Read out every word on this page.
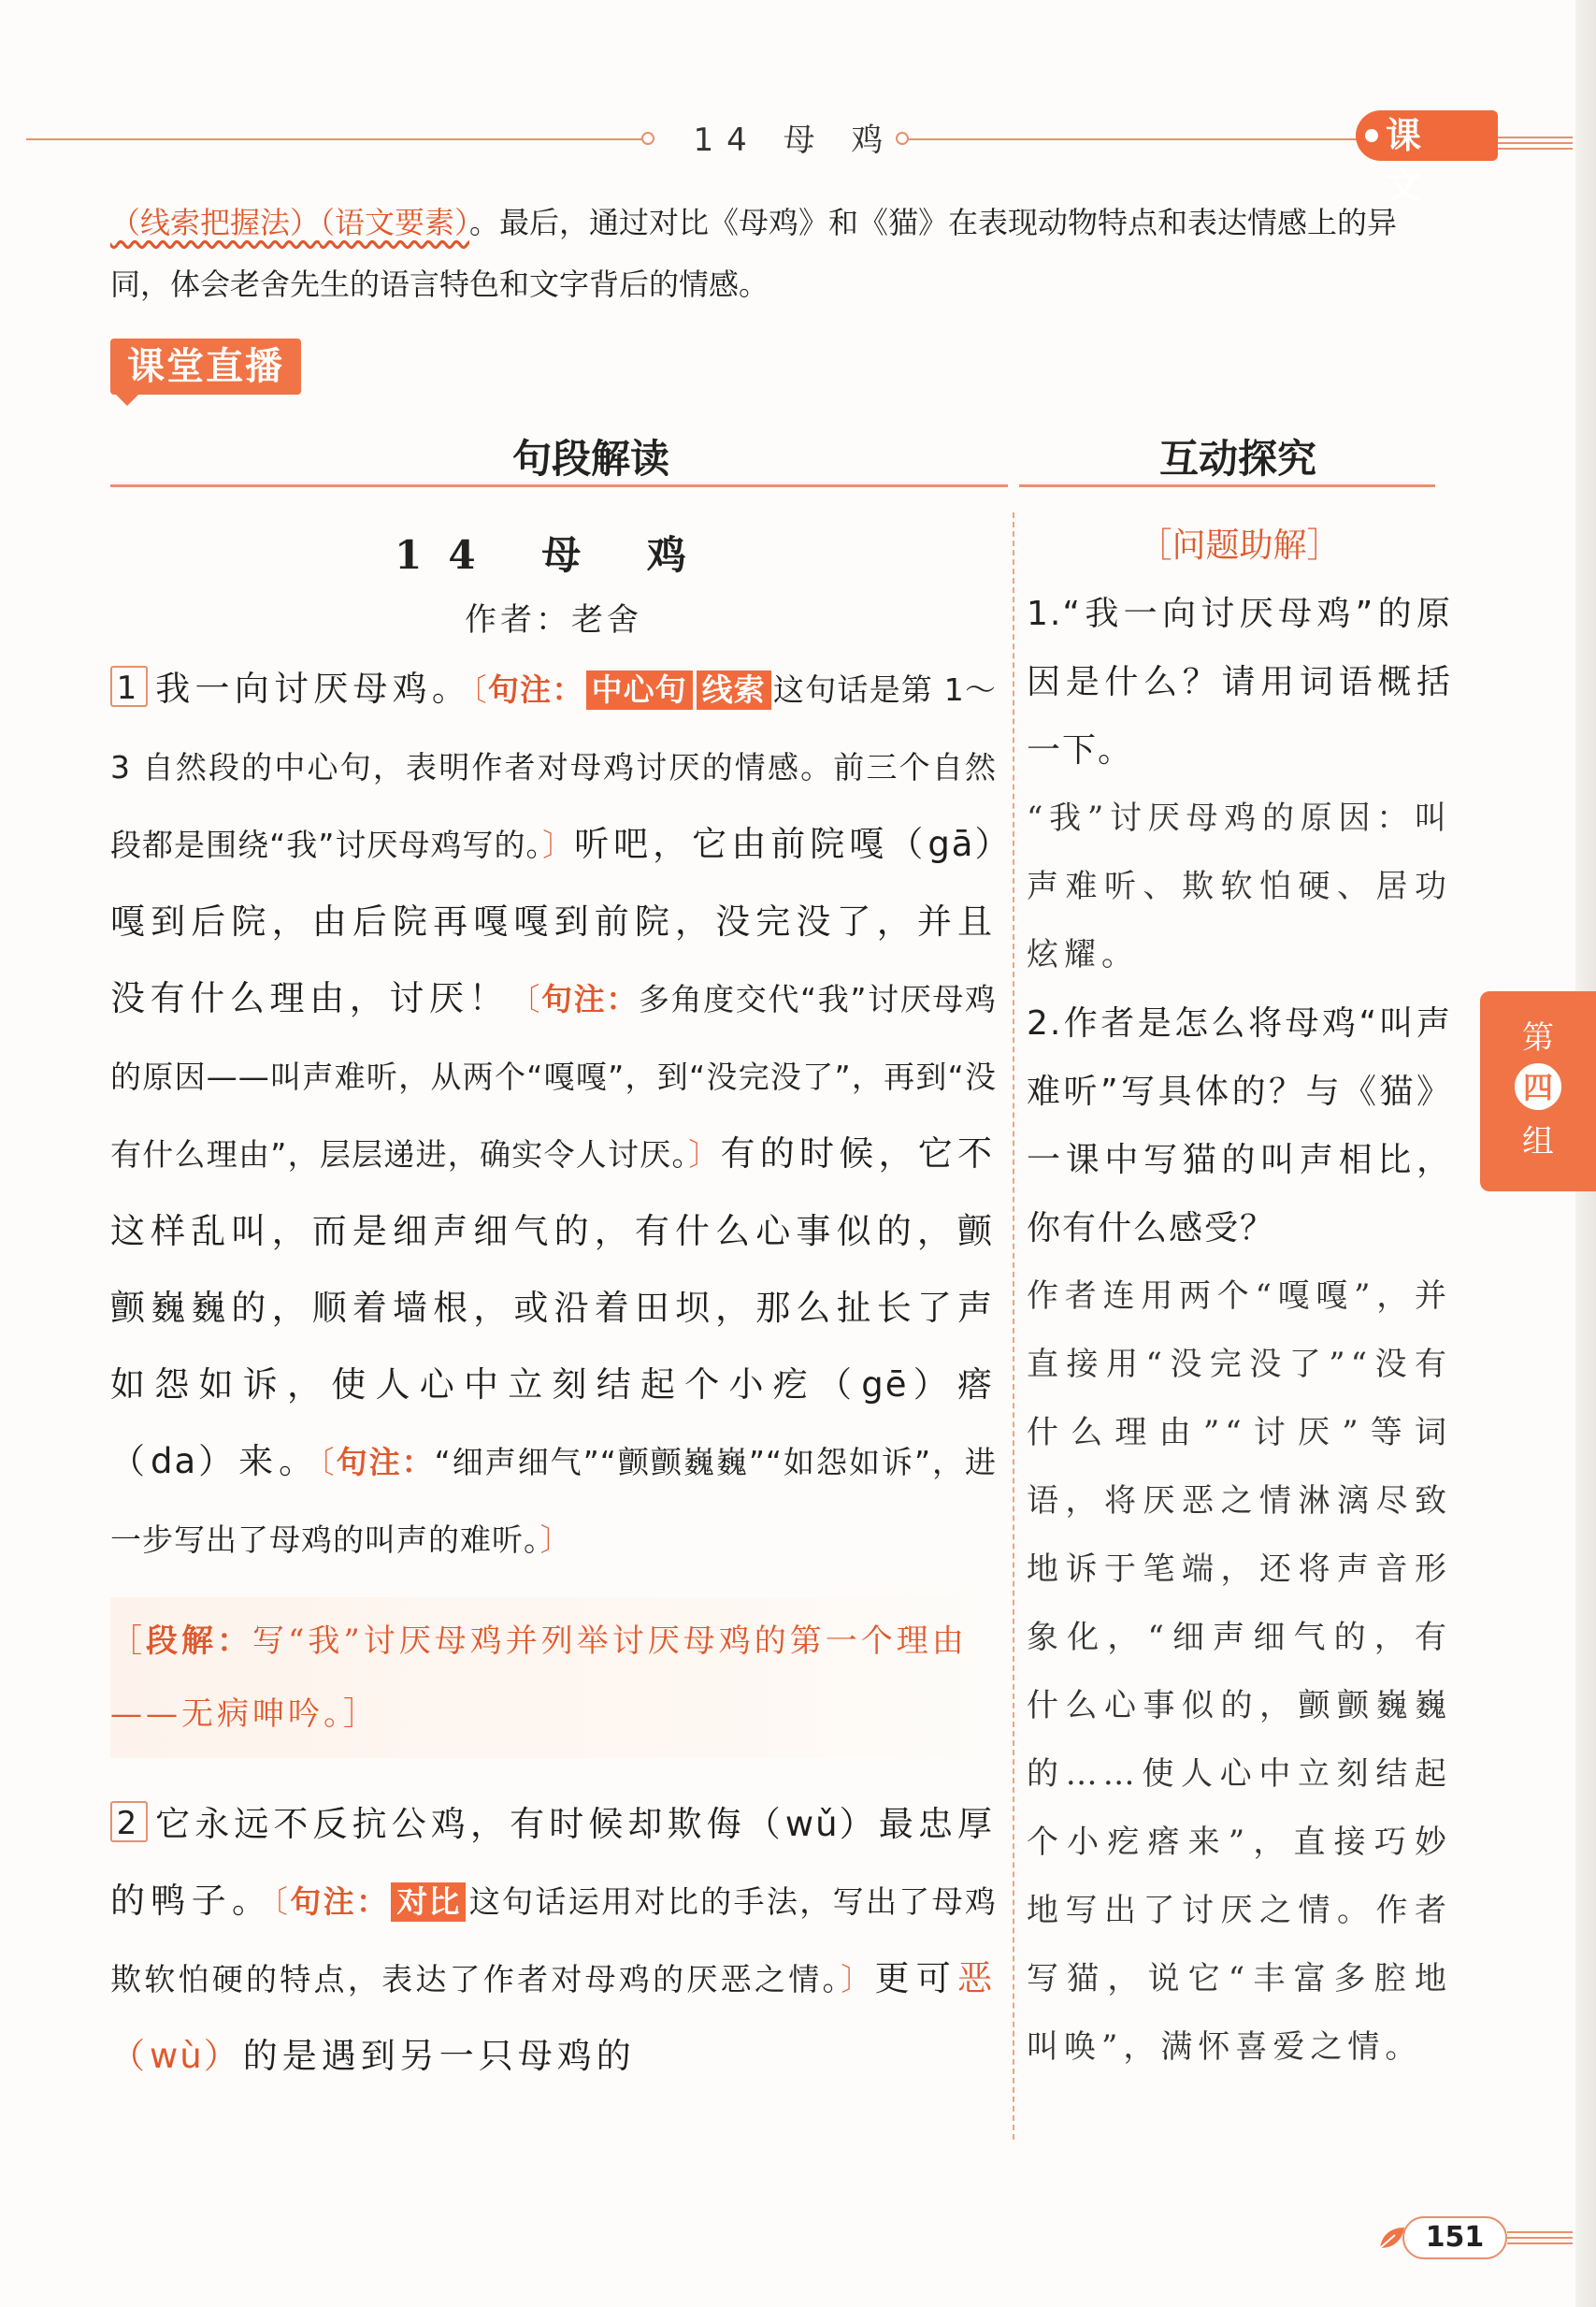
14 母 鸡	课 文
（线索把握法）（语文要素）。最后，通过对比《母鸡》和《猫》在表现动物特点和表达情感上的异
同，体会老舍先生的语言特色和文字背后的情感。
课堂直播
句段解读	互动探究
14 母 鸡
作者：老舍
1 我一向讨厌母鸡。〔句注： 中心句 线索 这句话是第 1～3 自然段的中心句，表明作者对母鸡讨厌的情感。前三个自然段都是围绕“我”讨厌母鸡写的。〕听吧，它由前院嘎（gā）嘎到后院，由后院再嘎嘎到前院，没完没了，并且没有什么理由，讨厌！〔句注：多角度交代“我”讨厌母鸡的原因——叫声难听，从两个“嘎嘎”，到“没完没了”，再到“没有什么理由”，层层递进，确实令人讨厌。〕有的时候，它不这样乱叫，而是细声细气的，有什么心事似的，颤颤巍巍的，顺着墙根，或沿着田坝，那么扯长了声如怨如诉，使人心中立刻结起个小疙（gē）瘩（da）来。〔句注：“细声细气”“颤颤巍巍”“如怨如诉”，进一步写出了母鸡的叫声的难听。〕
［段解：写“我”讨厌母鸡并列举讨厌母鸡的第一个理由——无病呻吟。］
2 它永远不反抗公鸡，有时候却欺侮（wǔ）最忠厚的鸭子。〔句注： 对比 这句话运用对比的手法，写出了母鸡欺软怕硬的特点，表达了作者对母鸡的厌恶之情。〕更可恶（wù）的是遇到另一只母鸡的
［问题助解］
1.“我一向讨厌母鸡”的原因是什么？请用词语概括一下。
“我”讨厌母鸡的原因：叫声难听、欺软怕硬、居功炫耀。
2.作者是怎么将母鸡“叫声难听”写具体的？与《猫》一课中写猫的叫声相比，你有什么感受？
作者连用两个“嘎嘎”，并直接用“没完没了”“没有什么理由”“讨厌”等词语，将厌恶之情淋漓尽致地诉于笔端，还将声音形象化，“细声细气的，有什么心事似的，颤颤巍巍的……使人心中立刻结起个小疙瘩来”，直接巧妙地写出了讨厌之情。作者写猫，说它“丰富多腔地叫唤”，满怀喜爱之情。
第
四
组
151
